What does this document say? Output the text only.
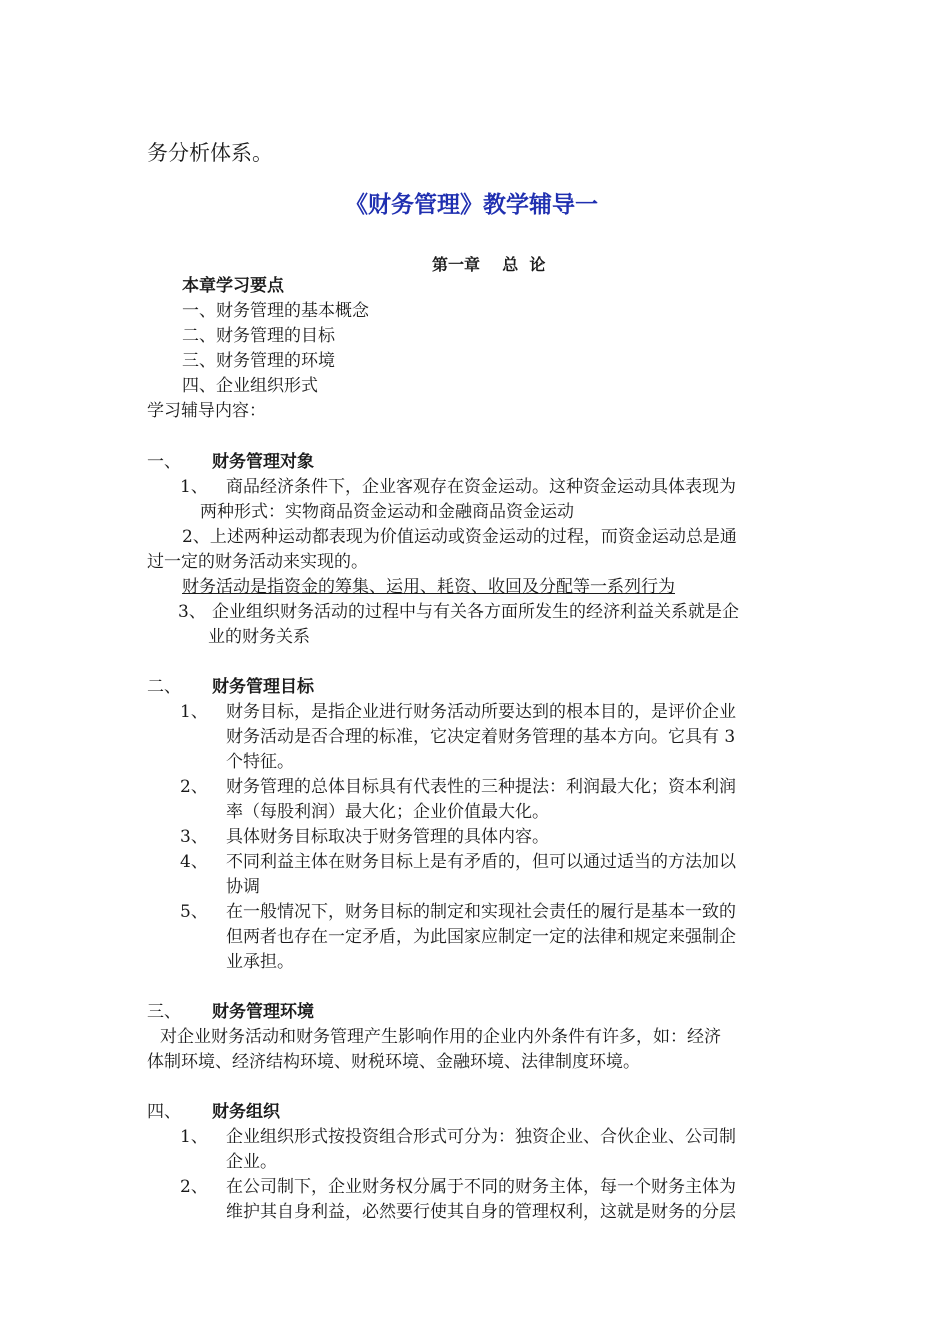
务分析体系。
《财务管理》教学辅导一
第一章    总  论
本章学习要点
一、财务管理的基本概念
二、财务管理的目标
三、财务管理的环境
四、企业组织形式
学习辅导内容：
一、 财务管理对象
1、 商品经济条件下，企业客观存在资金运动。这种资金运动具体表现为
两种形式：实物商品资金运动和金融商品资金运动
2、上述两种运动都表现为价值运动或资金运动的过程，而资金运动总是通
过一定的财务活动来实现的。
财务活动是指资金的筹集、运用、耗资、收回及分配等一系列行为
3、 企业组织财务活动的过程中与有关各方面所发生的经济利益关系就是企
业的财务关系
二、 财务管理目标
1、 财务目标，是指企业进行财务活动所要达到的根本目的，是评价企业
财务活动是否合理的标准，它决定着财务管理的基本方向。它具有 3
个特征。
2、 财务管理的总体目标具有代表性的三种提法：利润最大化；资本利润
率（每股利润）最大化；企业价值最大化。
3、 具体财务目标取决于财务管理的具体内容。
4、 不同利益主体在财务目标上是有矛盾的，但可以通过适当的方法加以
协调
5、 在一般情况下，财务目标的制定和实现社会责任的履行是基本一致的
但两者也存在一定矛盾，为此国家应制定一定的法律和规定来强制企
业承担。
三、 财务管理环境
对企业财务活动和财务管理产生影响作用的企业内外条件有许多，如：经济
体制环境、经济结构环境、财税环境、金融环境、法律制度环境。
四、 财务组织
1、 企业组织形式按投资组合形式可分为：独资企业、合伙企业、公司制
企业。
2、 在公司制下，企业财务权分属于不同的财务主体，每一个财务主体为
维护其自身利益，必然要行使其自身的管理权利，这就是财务的分层
